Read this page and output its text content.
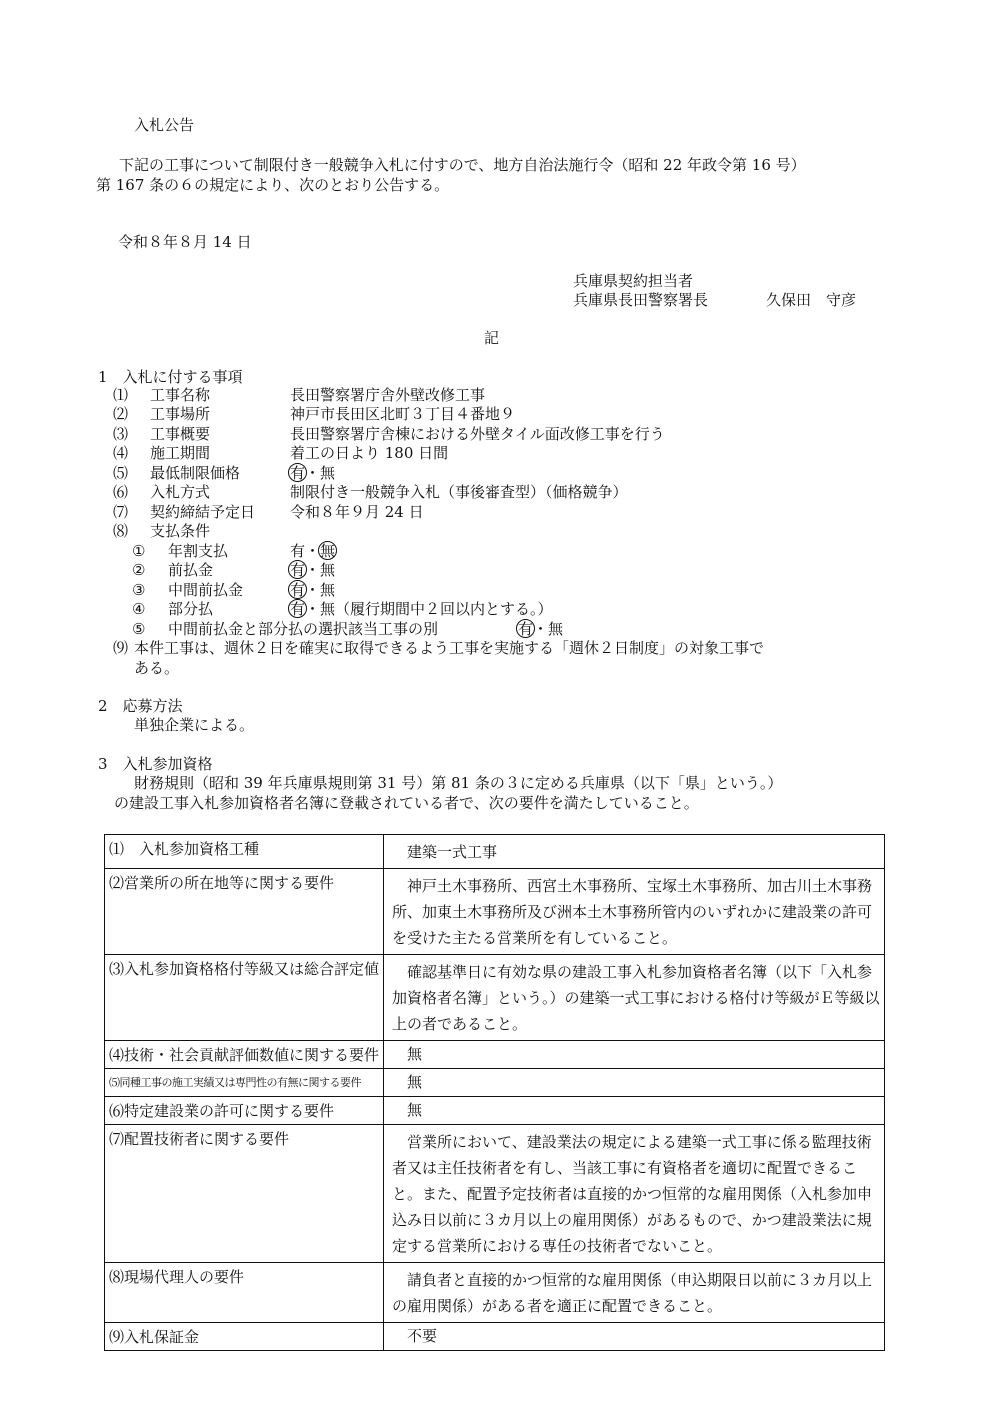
入札公告
下記の工事について制限付き一般競争入札に付すので、地方自治法施行令（昭和 22 年政令第 16 号）
第 167 条の６の規定により、次のとおり公告する。
令和８年８月 14 日
兵庫県契約担当者
兵庫県長田警察署長	久保田　守彦
記
1　入札に付する事項
⑴ 工事名称	長田警察署庁舎外壁改修工事
⑵ 工事場所	神戸市長田区北町３丁目４番地９
⑶ 工事概要	長田警察署庁舎棟における外壁タイル面改修工事を行う
⑷ 施工期間	着工の日より 180 日間
⑸ 最低制限価格	有・無
⑹ 入札方式	制限付き一般競争入札（事後審査型）（価格競争）
⑺ 契約締結予定日 令和８年９月 24 日
⑻ 支払条件
① 年割支払	有・無
② 前払金	有・無
③ 中間前払金	有・無
④ 部分払	有・無（履行期間中２回以内とする。）
⑤ 中間前払金と部分払の選択該当工事の別	有・無
⑼ 本件工事は、週休２日を確実に取得できるよう工事を実施する「週休２日制度」の対象工事で
ある。
2　応募方法
単独企業による。
3　入札参加資格
財務規則（昭和 39 年兵庫県規則第 31 号）第 81 条の３に定める兵庫県（以下「県」という。）
の建設工事入札参加資格者名簿に登載されている者で、次の要件を満たしていること。
⑴　入札参加資格工種	建築一式工事
⑵営業所の所在地等に関する要件	神戸土木事務所、西宮土木事務所、宝塚土木事務所、加古川土木事務所、加東土木事務所及び洲本土木事務所管内のいずれかに建設業の許可を受けた主たる営業所を有していること。
⑶入札参加資格格付等級又は総合評定値	確認基準日に有効な県の建設工事入札参加資格者名簿（以下「入札参加資格者名簿」という。）の建築一式工事における格付け等級がＥ等級以上の者であること。
⑷技術・社会貢献評価数値に関する要件	無
⑸同種工事の施工実績又は専門性の有無に関する要件	無
⑹特定建設業の許可に関する要件	無
⑺配置技術者に関する要件	営業所において、建設業法の規定による建築一式工事に係る監理技術者又は主任技術者を有し、当該工事に有資格者を適切に配置できること。また、配置予定技術者は直接的かつ恒常的な雇用関係（入札参加申込み日以前に３カ月以上の雇用関係）があるもので、かつ建設業法に規定する営業所における専任の技術者でないこと。
⑻現場代理人の要件	請負者と直接的かつ恒常的な雇用関係（申込期限日以前に３カ月以上の雇用関係）がある者を適正に配置できること。
⑼入札保証金	不要
